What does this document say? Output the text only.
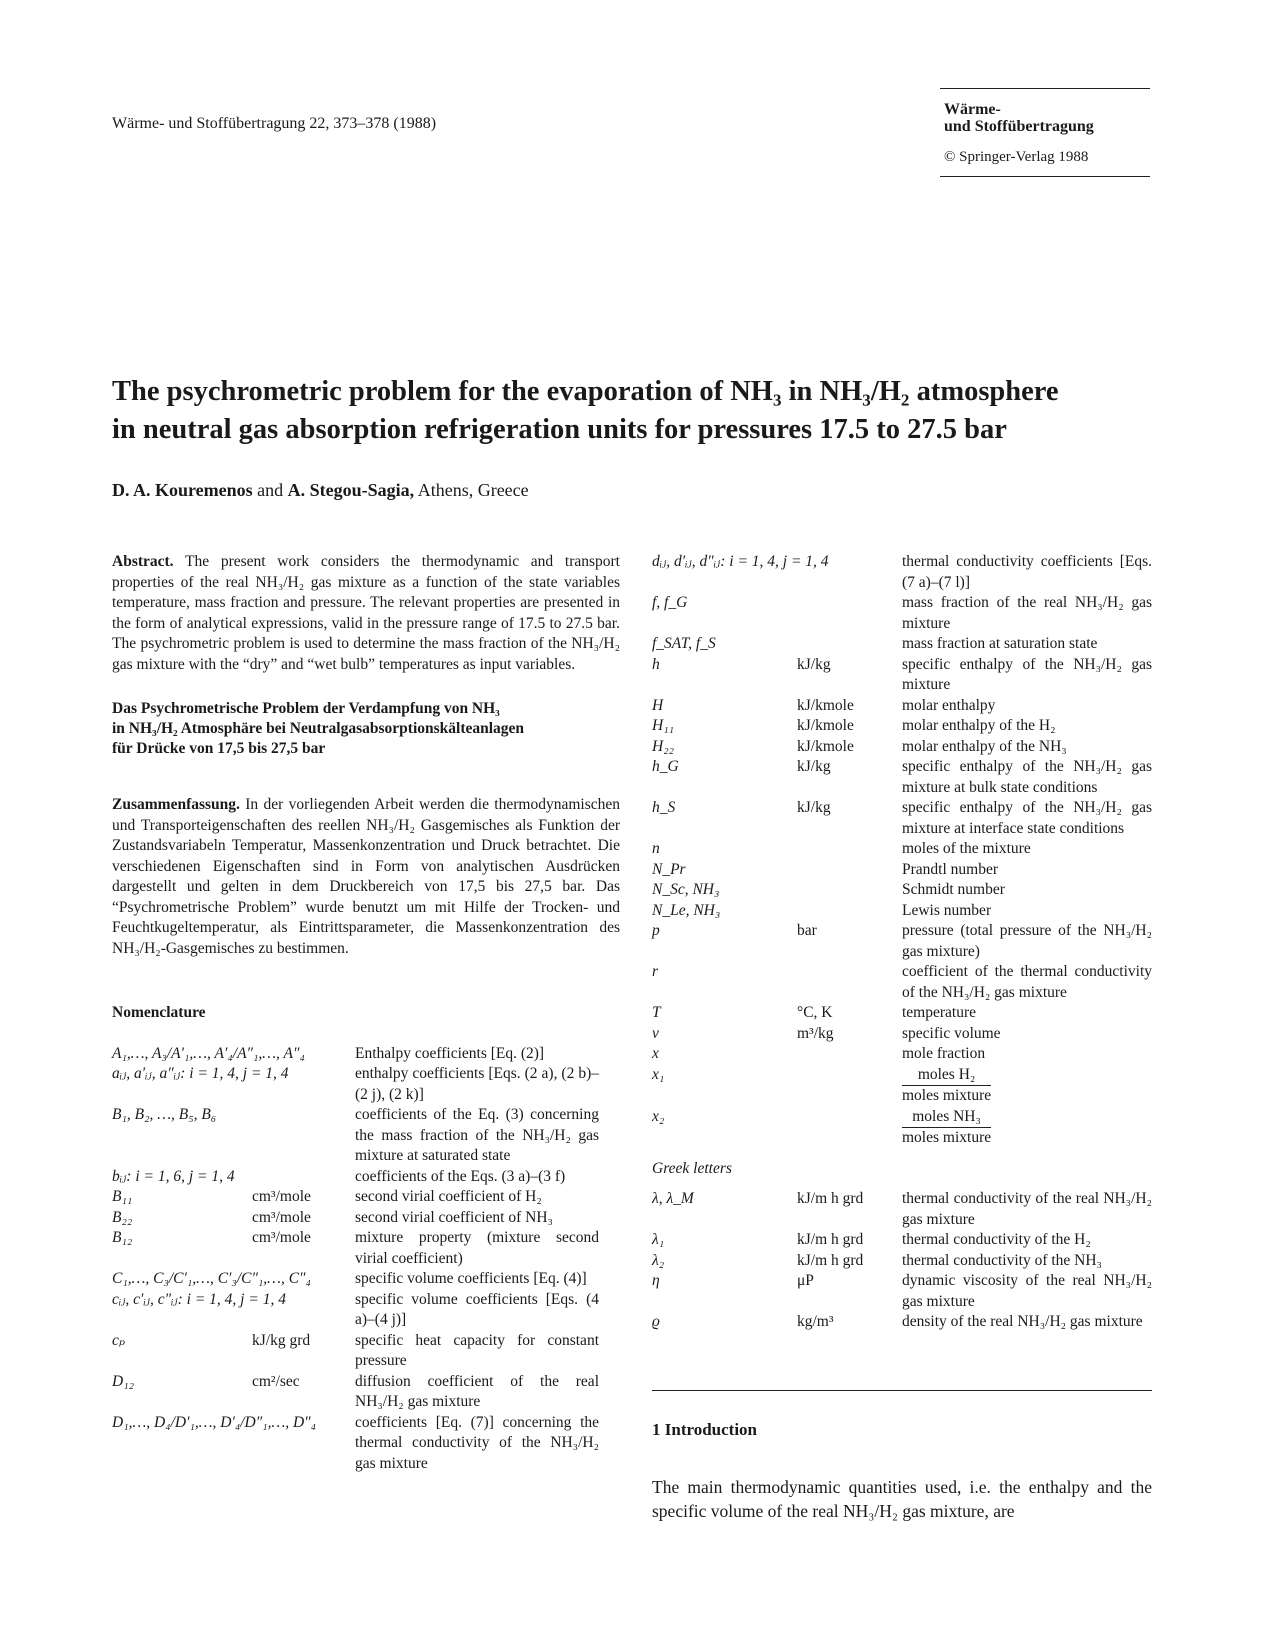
Wärme- und Stoffübertragung 22, 373–378 (1988)
Wärme-
und Stoffübertragung
© Springer-Verlag 1988
The psychrometric problem for the evaporation of NH₃ in NH₃/H₂ atmosphere
in neutral gas absorption refrigeration units for pressures 17.5 to 27.5 bar
D. A. Kouremenos and A. Stegou-Sagia, Athens, Greece

Abstract. The present work considers the thermodynamic and transport properties of the real NH₃/H₂ gas mixture as a function of the state variables temperature, mass fraction and pressure. The relevant properties are presented in the form of analytical expressions, valid in the pressure range of 17.5 to 27.5 bar. The psychrometric problem is used to determine the mass fraction of the NH₃/H₂ gas mixture with the “dry” and “wet bulb” temperatures as input variables.

Das Psychrometrische Problem der Verdampfung von NH₃
in NH₃/H₂ Atmosphäre bei Neutralgasabsorptionskälteanlagen
für Drücke von 17,5 bis 27,5 bar

Zusammenfassung. In der vorliegenden Arbeit werden die thermodynamischen und Transporteigenschaften des reellen NH₃/H₂ Gasgemisches als Funktion der Zustandsvariabeln Temperatur, Massenkonzentration und Druck betrachtet. Die verschiedenen Eigenschaften sind in Form von analytischen Ausdrücken dargestellt und gelten in dem Druckbereich von 17,5 bis 27,5 bar. Das “Psychrometrische Problem” wurde benutzt um mit Hilfe der Trocken- und Feuchtkugeltemperatur, als Eintrittsparameter, die Massenkonzentration des NH₃/H₂-Gasgemisches zu bestimmen.

Nomenclature
A₁,…, A₃/A′₁,…, A′₄/A″₁,…, A″₄	Enthalpy coefficients [Eq. (2)]
aᵢⱼ, a′ᵢⱼ, a″ᵢⱼ: i = 1, 4, j = 1, 4	enthalpy coefficients [Eqs. (2 a), (2 b)–(2 j), (2 k)]
B₁, B₂, …, B₅, B₆	coefficients of the Eq. (3) concerning the mass fraction of the NH₃/H₂ gas mixture at saturated state
bᵢⱼ: i = 1, 6, j = 1, 4	coefficients of the Eqs. (3 a)–(3 f)
B₁₁	cm³/mole	second virial coefficient of H₂
B₂₂	cm³/mole	second virial coefficient of NH₃
B₁₂	cm³/mole	mixture property (mixture second virial coefficient)
C₁,…, C₃/C′₁,…, C′₃/C″₁,…, C″₄	specific volume coefficients [Eq. (4)]
cᵢⱼ, c′ᵢⱼ, c″ᵢⱼ: i = 1, 4, j = 1, 4	specific volume coefficients [Eqs. (4 a)–(4 j)]
cₚ	kJ/kg grd	specific heat capacity for constant pressure
D₁₂	cm²/sec	diffusion coefficient of the real NH₃/H₂ gas mixture
D₁,…, D₄/D′₁,…, D′₄/D″₁,…, D″₄	coefficients [Eq. (7)] concerning the thermal conductivity of the NH₃/H₂ gas mixture
dᵢⱼ, d′ᵢⱼ, d″ᵢⱼ: i = 1, 4, j = 1, 4	thermal conductivity coefficients [Eqs. (7 a)–(7 l)]
f, f_G	mass fraction of the real NH₃/H₂ gas mixture
f_SAT, f_S	mass fraction at saturation state
h	kJ/kg	specific enthalpy of the NH₃/H₂ gas mixture
H	kJ/kmole	molar enthalpy
H₁₁	kJ/kmole	molar enthalpy of the H₂
H₂₂	kJ/kmole	molar enthalpy of the NH₃
h_G	kJ/kg	specific enthalpy of the NH₃/H₂ gas mixture at bulk state conditions
h_S	kJ/kg	specific enthalpy of the NH₃/H₂ gas mixture at interface state conditions
n	moles of the mixture
N_Pr	Prandtl number
N_Sc, NH₃	Schmidt number
N_Le, NH₃	Lewis number
p	bar	pressure (total pressure of the NH₃/H₂ gas mixture)
r	coefficient of the thermal conductivity of the NH₃/H₂ gas mixture
T	°C, K	temperature
v	m³/kg	specific volume
x	mole fraction
x₁	$\frac{\text{moles H₂}}{\text{moles mixture}}$
x₂	$\frac{\text{moles NH₃}}{\text{moles mixture}}$
Greek letters
λ, λ_M	kJ/m h grd	thermal conductivity of the real NH₃/H₂ gas mixture
λ₁	kJ/m h grd	thermal conductivity of the H₂
λ₂	kJ/m h grd	thermal conductivity of the NH₃
η	μP	dynamic viscosity of the real NH₃/H₂ gas mixture
ϱ	kg/m³	density of the real NH₃/H₂ gas mixture
1 Introduction
The main thermodynamic quantities used, i.e. the enthalpy and the specific volume of the real NH₃/H₂ gas mixture, are
